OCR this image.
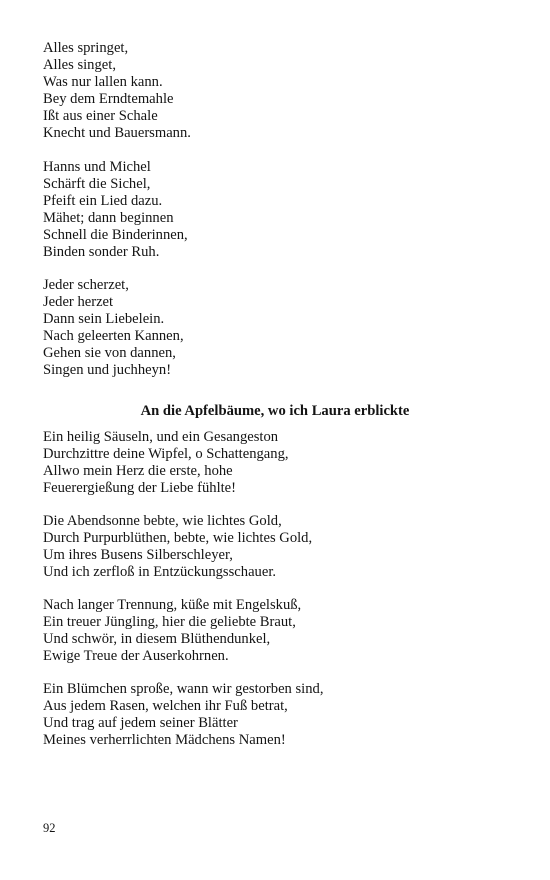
Alles springet,
Alles singet,
Was nur lallen kann.
Bey dem Erndtemahle
Ißt aus einer Schale
Knecht und Bauersmann.
Hanns und Michel
Schärft die Sichel,
Pfeift ein Lied dazu.
Mähet; dann beginnen
Schnell die Binderinnen,
Binden sonder Ruh.
Jeder scherzet,
Jeder herzet
Dann sein Liebelein.
Nach geleerten Kannen,
Gehen sie von dannen,
Singen und juchheyn!
An die Apfelbäume, wo ich Laura erblickte
Ein heilig Säuseln, und ein Gesangeston
Durchzittre deine Wipfel, o Schattengang,
Allwo mein Herz die erste, hohe
Feuerergießung der Liebe fühlte!
Die Abendsonne bebte, wie lichtes Gold,
Durch Purpurblüthen, bebte, wie lichtes Gold,
Um ihres Busens Silberschleyer,
Und ich zerfloß in Entzückungsschauer.
Nach langer Trennung, küße mit Engelskuß,
Ein treuer Jüngling, hier die geliebte Braut,
Und schwör, in diesem Blüthendunkel,
Ewige Treue der Auserkohrnen.
Ein Blümchen sproße, wann wir gestorben sind,
Aus jedem Rasen, welchen ihr Fuß betrat,
Und trag auf jedem seiner Blätter
Meines verherrlichten Mädchens Namen!
92
